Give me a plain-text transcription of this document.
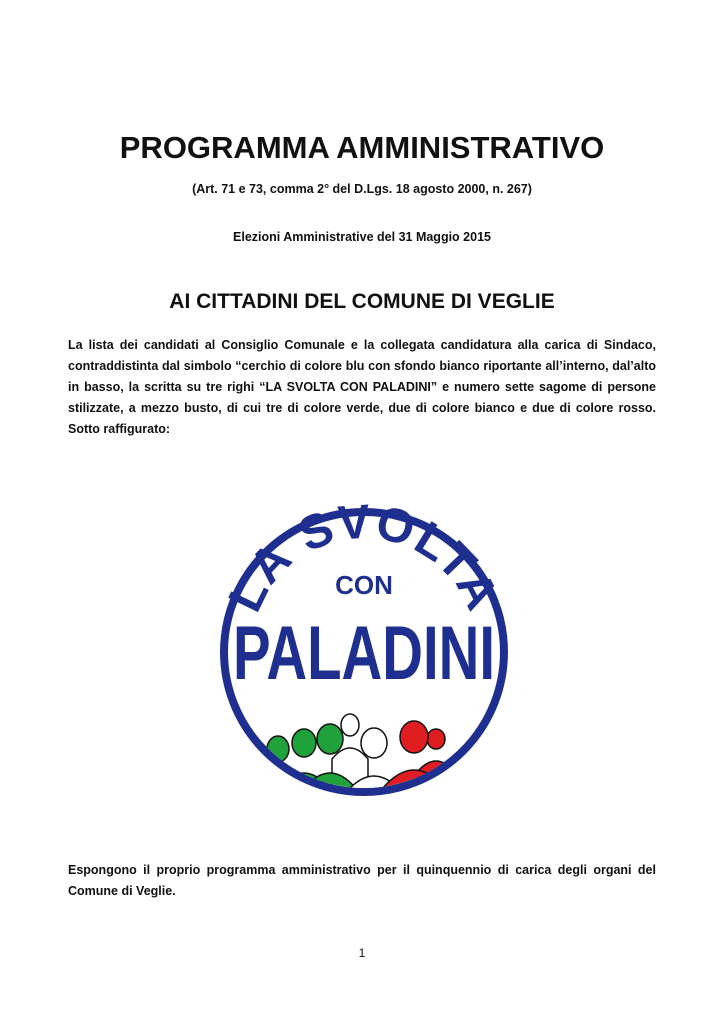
PROGRAMMA AMMINISTRATIVO
(Art. 71 e 73, comma 2° del D.Lgs. 18 agosto 2000, n. 267)
Elezioni Amministrative del 31 Maggio 2015
AI CITTADINI DEL COMUNE DI VEGLIE

La lista dei candidati al Consiglio Comunale e la collegata candidatura alla carica di Sindaco, contraddistinta dal simbolo “cerchio di colore blu con sfondo bianco riportante all’interno, dal’alto in basso, la scritta su tre righi “LA SVOLTA CON PALADINI” e numero sette sagome di persone stilizzate, a mezzo busto, di cui tre di colore verde, due di colore bianco e due di colore rosso. Sotto raffigurato:

LA SVOLTA
CON
PALADINI

Espongono il proprio programma amministrativo per il quinquennio di carica degli organi del Comune di Veglie.

1
